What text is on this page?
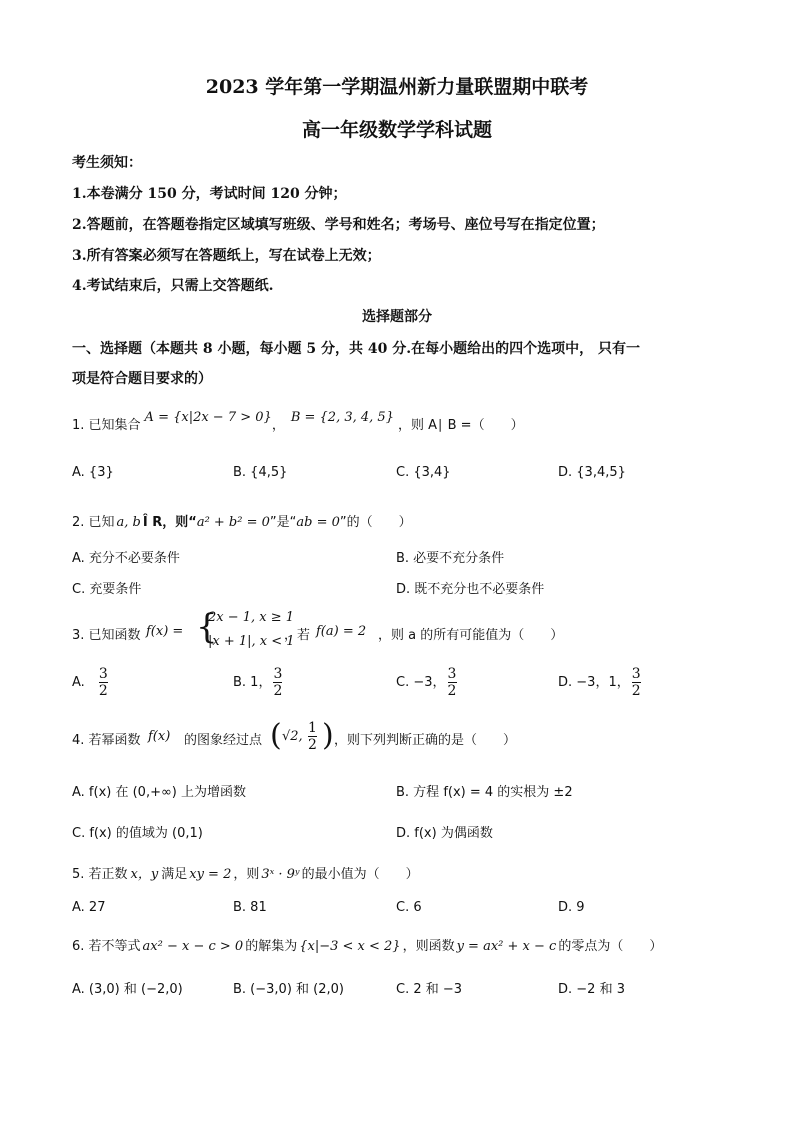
2023 学年第一学期温州新力量联盟期中联考
高一年级数学学科试题
考生须知：
1.本卷满分 150 分，考试时间 120 分钟；
2.答题前，在答题卷指定区域填写班级、学号和姓名；考场号、座位号写在指定位置；
3.所有答案必须写在答题纸上，写在试卷上无效；
4.考试结束后，只需上交答题纸.
选择题部分
一、选择题（本题共 8 小题，每小题 5 分，共 40 分.在每小题给出的四个选项中， 只有一
项是符合题目要求的）
1. 已知集合A = {x|2x − 7 > 0}，B = {2, 3, 4, 5}，则 A∣ B =（　　）
A. {3}	B. {4,5}	C. {3,4}	D. {3,4,5}
2. 已知 a, b Î R，则“a² + b² = 0”是“ab = 0”的（　　）
A. 充分不必要条件	B. 必要不充分条件
C. 充要条件	D. 既不充分也不必要条件
3. 已知函数 f(x) = {
2x − 1, x ≥ 1
|x + 1|, x < 1
，若 f(a) = 2 ，则 a 的所有可能值为（　　）
A. $\frac{3}{2}$	B. 1， $\frac{3}{2}$	C. −3， $\frac{3}{2}$	D. −3，1， $\frac{3}{2}$
4. 若幂函数 f(x) 的图象经过点 ( √2,
1
2 ) ，则下列判断正确的是（　　）
A. f(x) 在 (0,+∞) 上为增函数	B. 方程 f(x) = 4 的实根为 ±2
C. f(x) 的值域为 (0,1)	D. f(x) 为偶函数
5. 若正数 x，y 满足 xy = 2 ，则 3ˣ · 9ʸ 的最小值为（　　）
A. 27	B. 81	C. 6	D. 9
6. 若不等式 ax² − x − c > 0 的解集为 {x|−3 < x < 2} ，则函数 y = ax² + x − c 的零点为（　　）
A. (3,0) 和 (−2,0)	B. (−3,0) 和 (2,0)	C. 2 和 −3	D. −2 和 3
